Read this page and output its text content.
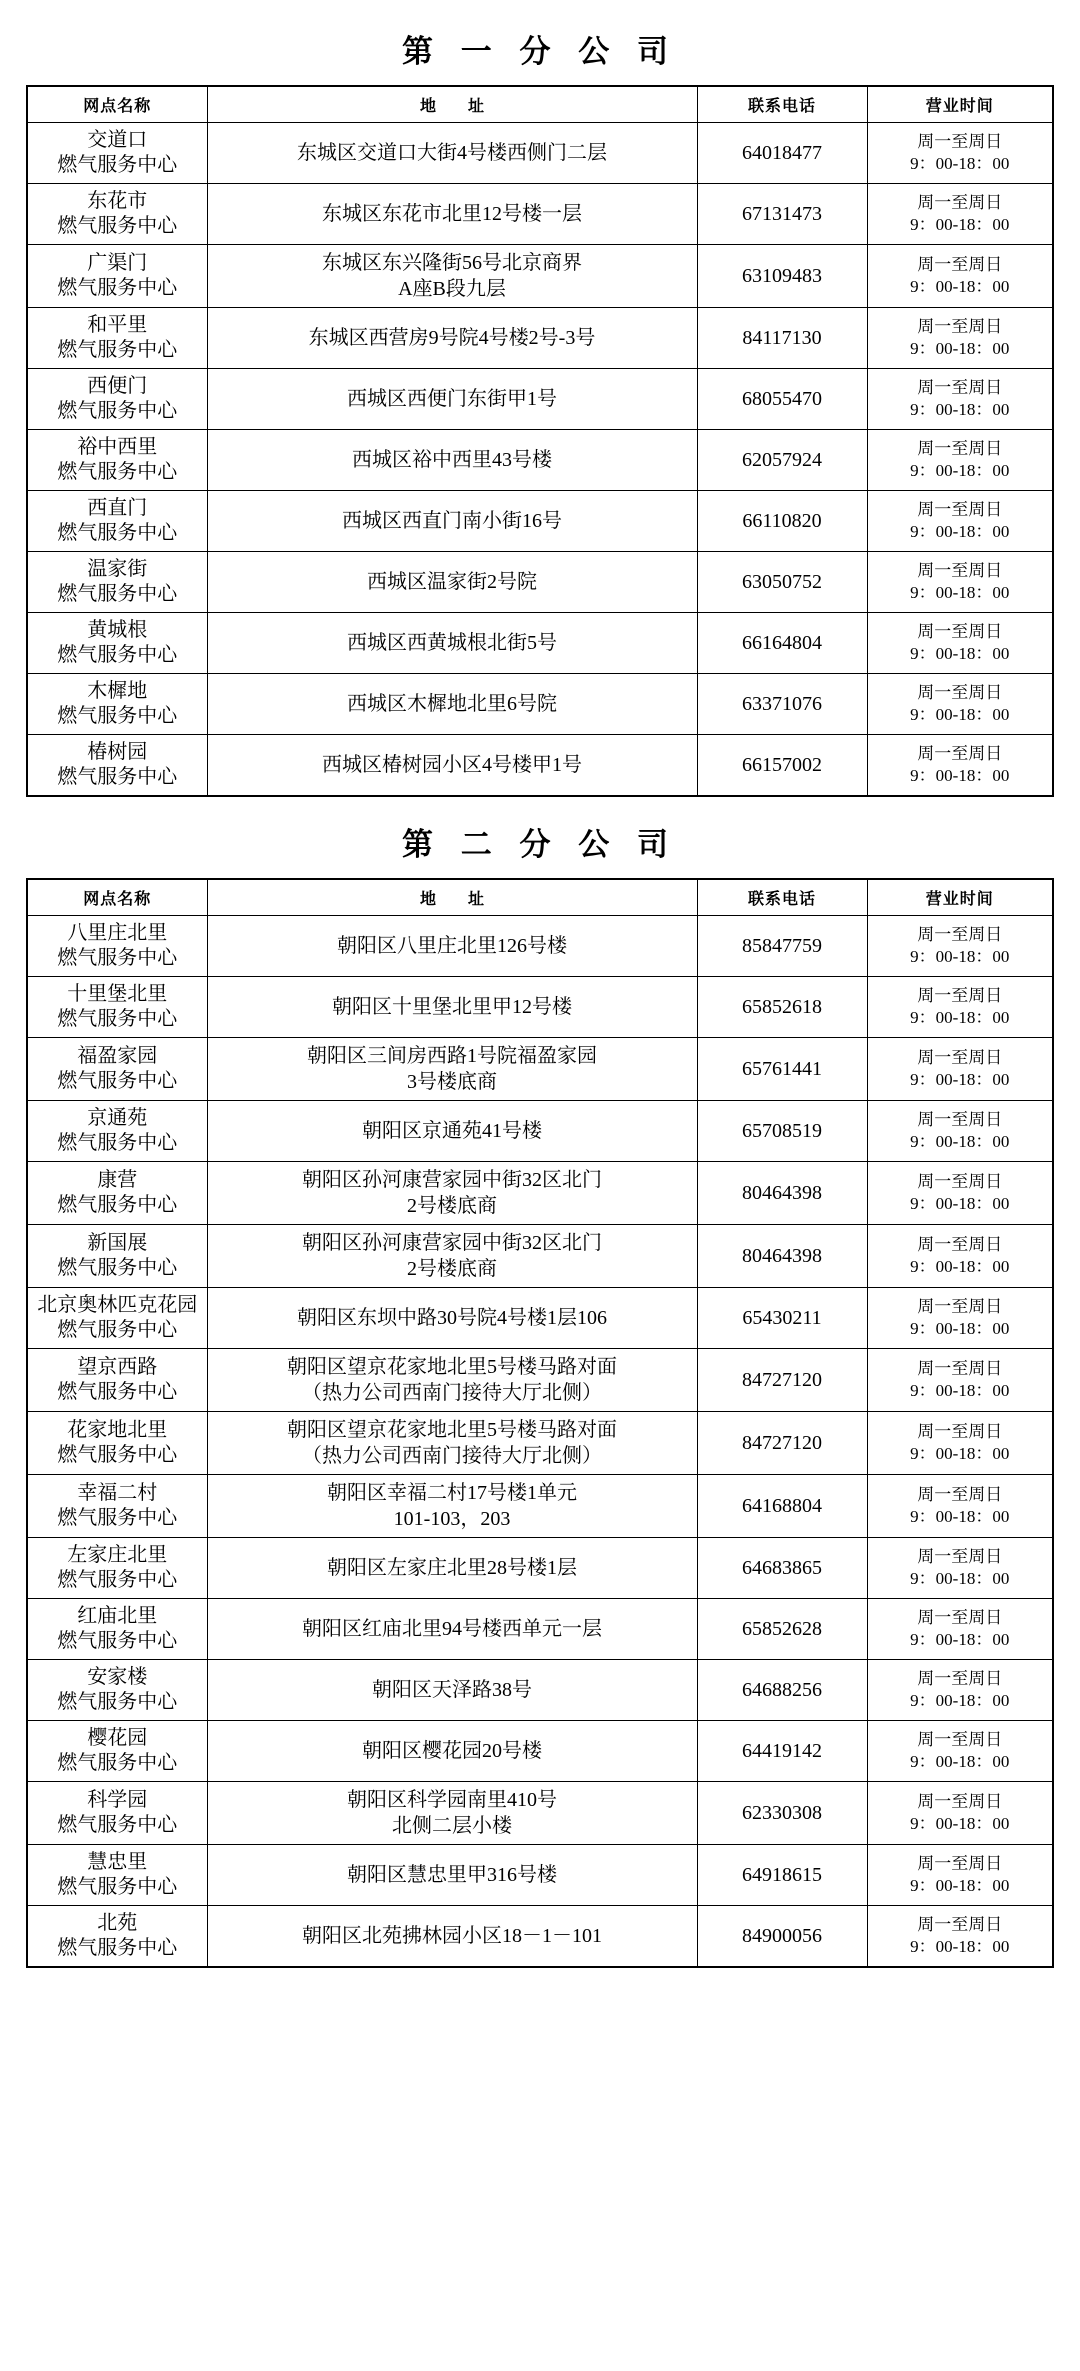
第 一 分 公 司
网点名称	地 址	联系电话	营业时间

交道口
燃气服务中心	东城区交道口大街4号楼西侧门二层	64018477	周一至周日
9：00-18：00

东花市
燃气服务中心	东城区东花市北里12号楼一层	67131473	周一至周日
9：00-18：00

广渠门
燃气服务中心	东城区东兴隆街56号北京商界
A座B段九层	63109483	周一至周日
9：00-18：00

和平里
燃气服务中心	东城区西营房9号院4号楼2号-3号	84117130	周一至周日
9：00-18：00

西便门
燃气服务中心	西城区西便门东街甲1号	68055470	周一至周日
9：00-18：00

裕中西里
燃气服务中心	西城区裕中西里43号楼	62057924	周一至周日
9：00-18：00

西直门
燃气服务中心	西城区西直门南小街16号	66110820	周一至周日
9：00-18：00

温家街
燃气服务中心	西城区温家街2号院	63050752	周一至周日
9：00-18：00

黄城根
燃气服务中心	西城区西黄城根北街5号	66164804	周一至周日
9：00-18：00

木樨地
燃气服务中心	西城区木樨地北里6号院	63371076	周一至周日
9：00-18：00

椿树园
燃气服务中心	西城区椿树园小区4号楼甲1号	66157002	周一至周日
9：00-18：00
第 二 分 公 司
网点名称	地 址	联系电话	营业时间

八里庄北里
燃气服务中心	朝阳区八里庄北里126号楼	85847759	周一至周日
9：00-18：00

十里堡北里
燃气服务中心	朝阳区十里堡北里甲12号楼	65852618	周一至周日
9：00-18：00

福盈家园
燃气服务中心	朝阳区三间房西路1号院福盈家园
3号楼底商	65761441	周一至周日
9：00-18：00

京通苑
燃气服务中心	朝阳区京通苑41号楼	65708519	周一至周日
9：00-18：00

康营
燃气服务中心	朝阳区孙河康营家园中街32区北门
2号楼底商	80464398	周一至周日
9：00-18：00

新国展
燃气服务中心	朝阳区孙河康营家园中街32区北门
2号楼底商	80464398	周一至周日
9：00-18：00

北京奥林匹克花园
燃气服务中心	朝阳区东坝中路30号院4号楼1层106	65430211	周一至周日
9：00-18：00

望京西路
燃气服务中心	朝阳区望京花家地北里5号楼马路对面
（热力公司西南门接待大厅北侧）	84727120	周一至周日
9：00-18：00

花家地北里
燃气服务中心	朝阳区望京花家地北里5号楼马路对面
（热力公司西南门接待大厅北侧）	84727120	周一至周日
9：00-18：00

幸福二村
燃气服务中心	朝阳区幸福二村17号楼1单元
101-103，203	64168804	周一至周日
9：00-18：00

左家庄北里
燃气服务中心	朝阳区左家庄北里28号楼1层	64683865	周一至周日
9：00-18：00

红庙北里
燃气服务中心	朝阳区红庙北里94号楼西单元一层	65852628	周一至周日
9：00-18：00

安家楼
燃气服务中心	朝阳区天泽路38号	64688256	周一至周日
9：00-18：00

樱花园
燃气服务中心	朝阳区樱花园20号楼	64419142	周一至周日
9：00-18：00

科学园
燃气服务中心	朝阳区科学园南里410号
北侧二层小楼	62330308	周一至周日
9：00-18：00

慧忠里
燃气服务中心	朝阳区慧忠里甲316号楼	64918615	周一至周日
9：00-18：00

北苑
燃气服务中心	朝阳区北苑拂林园小区18－1－101	84900056	周一至周日
9：00-18：00
